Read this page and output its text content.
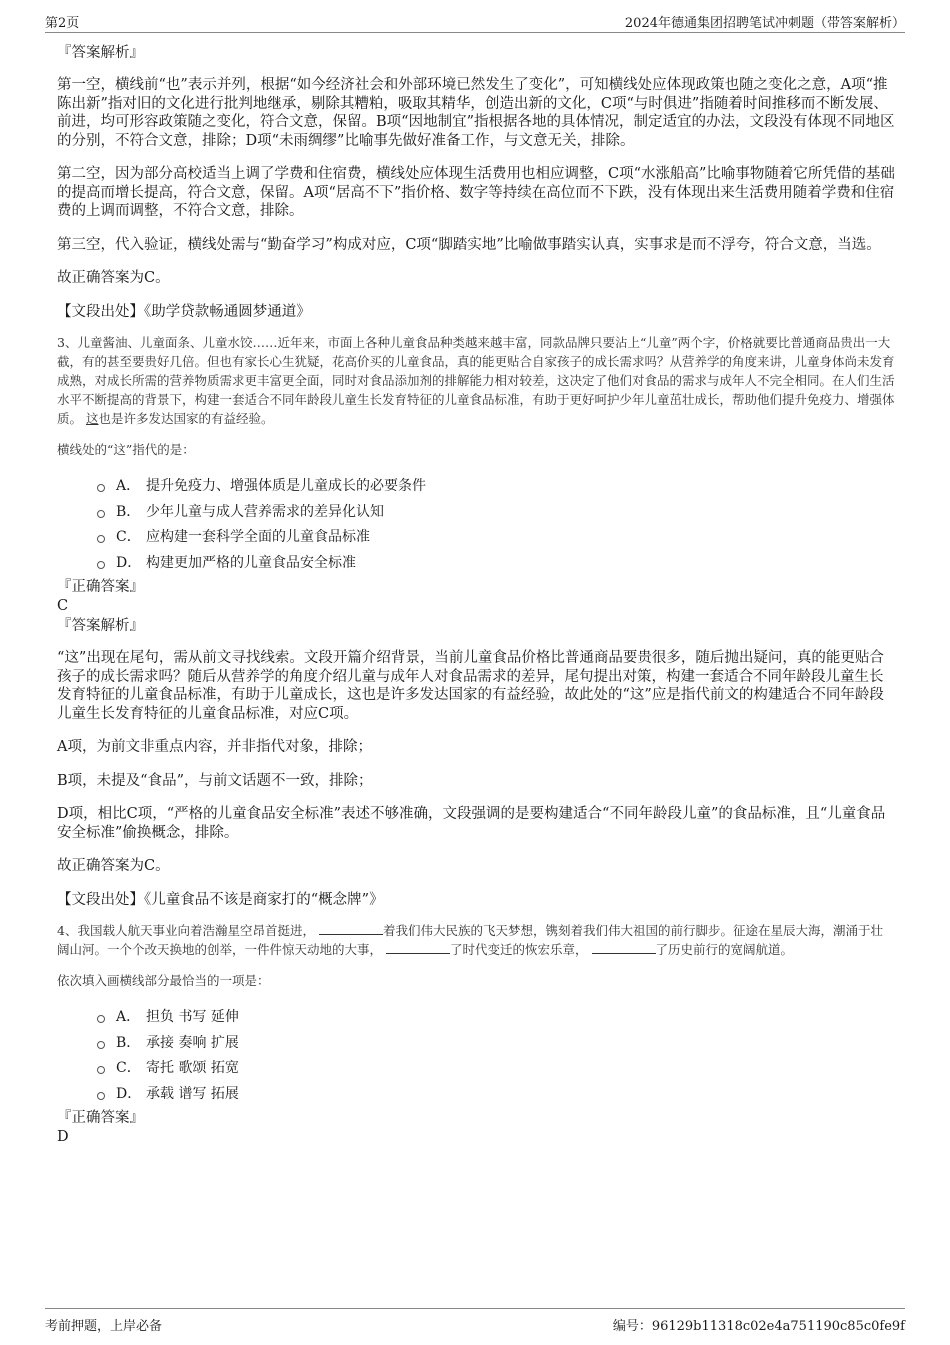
第2页	2024年德通集团招聘笔试冲刺题（带答案解析）

『答案解析』

第一空，横线前“也”表示并列，根据“如今经济社会和外部环境已然发生了变化”，可知横线处应体现政策也随之变化之意，A项“推陈出新”指对旧的文化进行批判地继承，剔除其糟粕，吸取其精华，创造出新的文化，C项“与时俱进”指随着时间推移而不断发展、前进，均可形容政策随之变化，符合文意，保留。B项“因地制宜”指根据各地的具体情况，制定适宜的办法，文段没有体现不同地区的分别，不符合文意，排除；D项“未雨绸缪”比喻事先做好准备工作，与文意无关，排除。

第二空，因为部分高校适当上调了学费和住宿费，横线处应体现生活费用也相应调整，C项“水涨船高”比喻事物随着它所凭借的基础的提高而增长提高，符合文意，保留。A项“居高不下”指价格、数字等持续在高位而不下跌，没有体现出来生活费用随着学费和住宿费的上调而调整，不符合文意，排除。

第三空，代入验证，横线处需与“勤奋学习”构成对应，C项“脚踏实地”比喻做事踏实认真，实事求是而不浮夸，符合文意，当选。

故正确答案为C。

【文段出处】《助学贷款畅通圆梦通道》

3、儿童酱油、儿童面条、儿童水饺……近年来，市面上各种儿童食品种类越来越丰富，同款品牌只要沾上“儿童”两个字，价格就要比普通商品贵出一大截，有的甚至要贵好几倍。但也有家长心生犹疑，花高价买的儿童食品，真的能更贴合自家孩子的成长需求吗？从营养学的角度来讲，儿童身体尚未发育成熟，对成长所需的营养物质需求更丰富更全面，同时对食品添加剂的排解能力相对较差，这决定了他们对食品的需求与成年人不完全相同。在人们生活水平不断提高的背景下，构建一套适合不同年龄段儿童生长发育特征的儿童食品标准，有助于更好呵护少年儿童茁壮成长，帮助他们提升免疫力、增强体质。 这也是许多发达国家的有益经验。

横线处的“这”指代的是：

A． 提升免疫力、增强体质是儿童成长的必要条件
B． 少年儿童与成人营养需求的差异化认知
C． 应构建一套科学全面的儿童食品标准
D． 构建更加严格的儿童食品安全标准

『正确答案』

C

『答案解析』

“这”出现在尾句，需从前文寻找线索。文段开篇介绍背景，当前儿童食品价格比普通商品要贵很多，随后抛出疑问，真的能更贴合孩子的成长需求吗？随后从营养学的角度介绍儿童与成年人对食品需求的差异，尾句提出对策，构建一套适合不同年龄段儿童生长发育特征的儿童食品标准，有助于儿童成长，这也是许多发达国家的有益经验，故此处的“这”应是指代前文的构建适合不同年龄段儿童生长发育特征的儿童食品标准，对应C项。

A项，为前文非重点内容，并非指代对象，排除；

B项，未提及“食品”，与前文话题不一致，排除；

D项，相比C项，“严格的儿童食品安全标准”表述不够准确，文段强调的是要构建适合“不同年龄段儿童”的食品标准，且“儿童食品安全标准”偷换概念，排除。

故正确答案为C。

【文段出处】《儿童食品不该是商家打的“概念牌”》

4、我国载人航天事业向着浩瀚星空昂首挺进，	着我们伟大民族的飞天梦想，镌刻着我们伟大祖国的前行脚步。征途在星辰大海，潮涌于壮阔山河。一个个改天换地的创举，一件件惊天动地的大事，	了时代变迁的恢宏乐章，	了历史前行的宽阔航道。

依次填入画横线部分最恰当的一项是：

A． 担负 书写 延伸
B． 承接 奏响 扩展
C． 寄托 歌颂 拓宽
D． 承载 谱写 拓展

『正确答案』

D

考前押题，上岸必备	编号：96129b11318c02e4a751190c85c0fe9f
